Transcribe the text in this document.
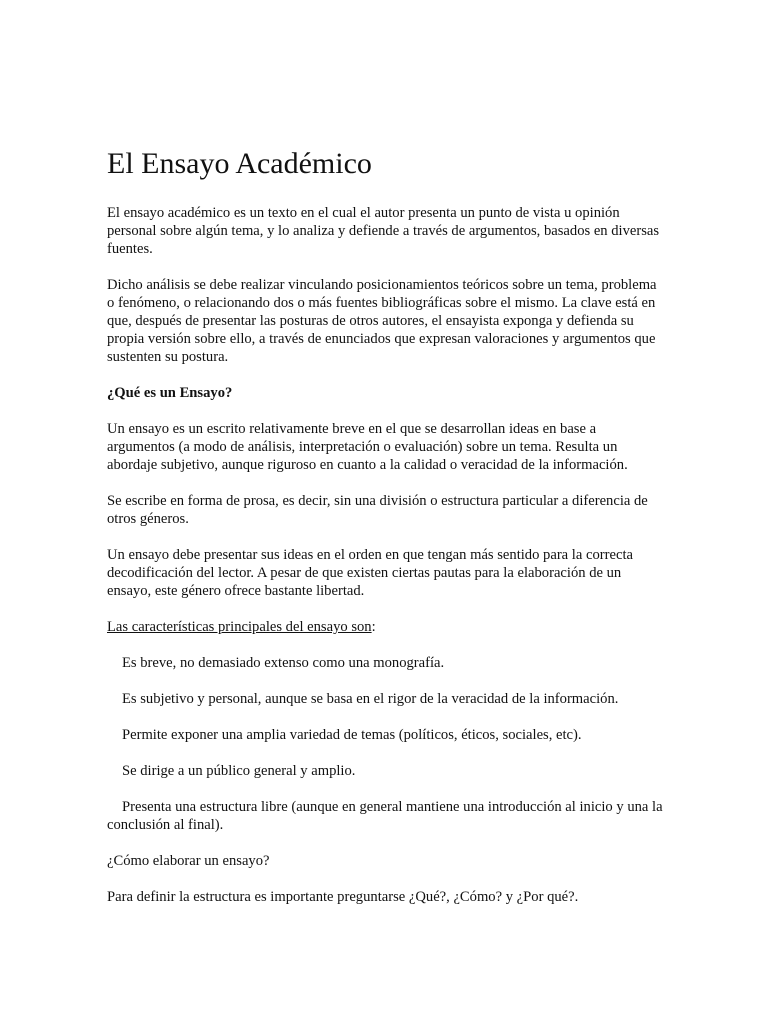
El Ensayo Académico

El ensayo académico es un texto en el cual el autor presenta un punto de vista u opinión personal sobre algún tema, y lo analiza y defiende a través de argumentos, basados en diversas fuentes.

Dicho análisis se debe realizar vinculando posicionamientos teóricos sobre un tema, problema o fenómeno, o relacionando dos o más fuentes bibliográficas sobre el mismo. La clave está en que, después de presentar las posturas de otros autores, el ensayista exponga y defienda su propia versión sobre ello, a través de enunciados que expresan valoraciones y argumentos que sustenten su postura.

¿Qué es un Ensayo?

Un ensayo es un escrito relativamente breve en el que se desarrollan ideas en base a argumentos (a modo de análisis, interpretación o evaluación) sobre un tema. Resulta un abordaje subjetivo, aunque riguroso en cuanto a la calidad o veracidad de la información.

Se escribe en forma de prosa, es decir, sin una división o estructura particular a diferencia de otros géneros.

Un ensayo debe presentar sus ideas en el orden en que tengan más sentido para la correcta decodificación del lector. A pesar de que existen ciertas pautas para la elaboración de un ensayo, este género ofrece bastante libertad.

Las características principales del ensayo son:

Es breve, no demasiado extenso como una monografía.

Es subjetivo y personal, aunque se basa en el rigor de la veracidad de la información.

Permite exponer una amplia variedad de temas (políticos, éticos, sociales, etc).

Se dirige a un público general y amplio.

Presenta una estructura libre (aunque en general mantiene una introducción al inicio y una la conclusión al final).

¿Cómo elaborar un ensayo?

Para definir la estructura es importante preguntarse ¿Qué?, ¿Cómo? y ¿Por qué?.
